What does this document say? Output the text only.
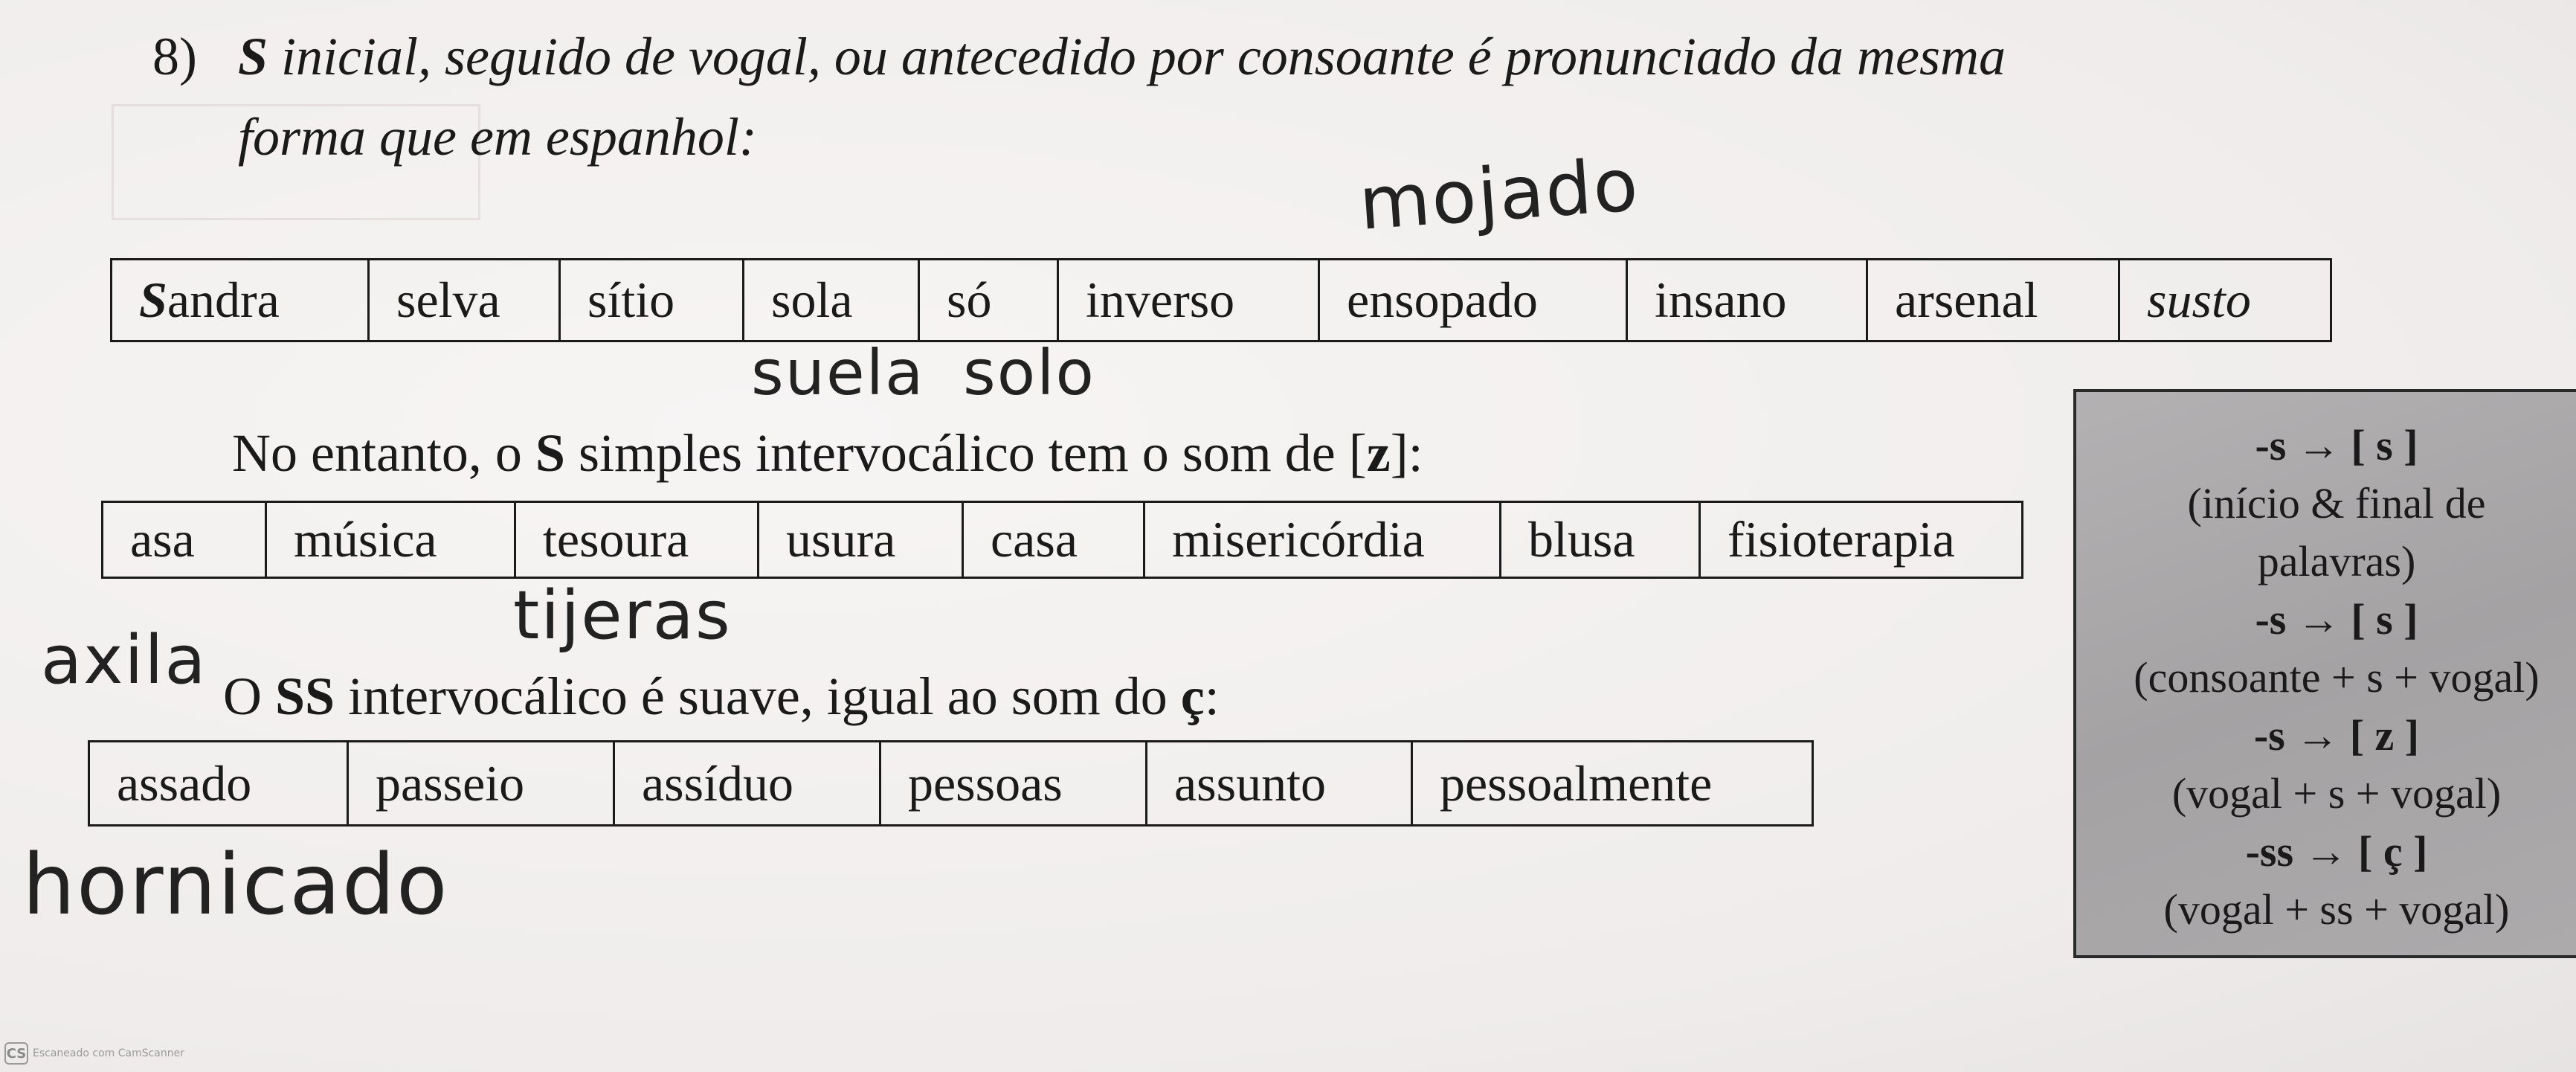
8) S inicial, seguido de vogal, ou antecedido por consoante é pronunciado da mesma
forma que em espanhol:
Sandra	selva	sítio	sola	só	inverso	ensopado	insano	arsenal	susto
mojado
suela solo
No entanto, o S simples intervocálico tem o som de [z]:
asa	música	tesoura	usura	casa	misericórdia	blusa	fisioterapia
axila
tijeras
O SS intervocálico é suave, igual ao som do ç:
assado	passeio	assíduo	pessoas	assunto	pessoalmente
hornicado
-s → [ s ]
(início & final de
palavras)
-s → [ s ]
(consoante + s + vogal)
-s → [ z ]
(vogal + s + vogal)
-ss → [ ç ]
(vogal + ss + vogal)
CS Escaneado com CamScanner
